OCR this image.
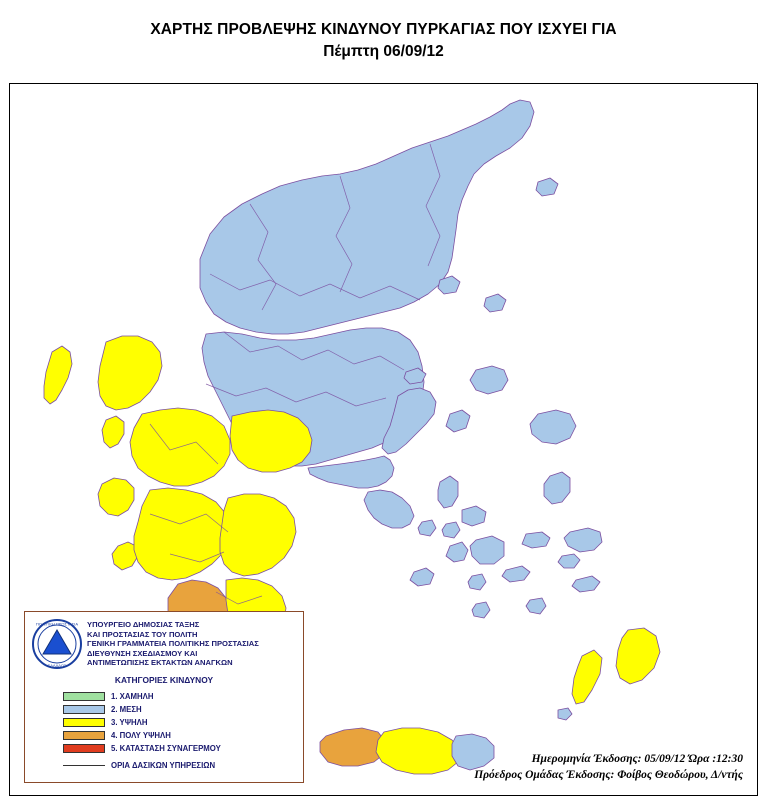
ΧΑΡΤΗΣ ΠΡΟΒΛΕΨΗΣ ΚΙΝΔΥΝΟΥ ΠΥΡΚΑΓΙΑΣ ΠΟΥ ΙΣΧΥΕΙ ΓΙΑ
Πέμπτη 06/09/12
ΠΟΛΙΤΙΚΗ ΠΡΟΣΤΑΣΙΑ
ΕΛΛΑΔΟΣ
ΥΠΟΥΡΓΕΙΟ ΔΗΜΟΣΙΑΣ ΤΑΞΗΣ
ΚΑΙ ΠΡΟΣΤΑΣΙΑΣ ΤΟΥ ΠΟΛΙΤΗ
ΓΕΝΙΚΗ ΓΡΑΜΜΑΤΕΙΑ ΠΟΛΙΤΙΚΗΣ ΠΡΟΣΤΑΣΙΑΣ
ΔΙΕΥΘΥΝΣΗ ΣΧΕΔΙΑΣΜΟΥ ΚΑΙ
ΑΝΤΙΜΕΤΩΠΙΣΗΣ ΕΚΤΑΚΤΩΝ ΑΝΑΓΚΩΝ
ΚΑΤΗΓΟΡΙΕΣ ΚΙΝΔΥΝΟΥ
1. ΧΑΜΗΛΗ
2. ΜΕΣΗ
3. ΥΨΗΛΗ
4. ΠΟΛΥ ΥΨΗΛΗ
5. ΚΑΤΑΣΤΑΣΗ ΣΥΝΑΓΕΡΜΟΥ
ΟΡΙΑ ΔΑΣΙΚΩΝ ΥΠΗΡΕΣΙΩΝ	Ημερομηνία Έκδοσης: 05/09/12 Ώρα :12:30
Πρόεδρος Ομάδας Έκδοσης: Φοίβος Θεοδώρου, Δ/ντής
